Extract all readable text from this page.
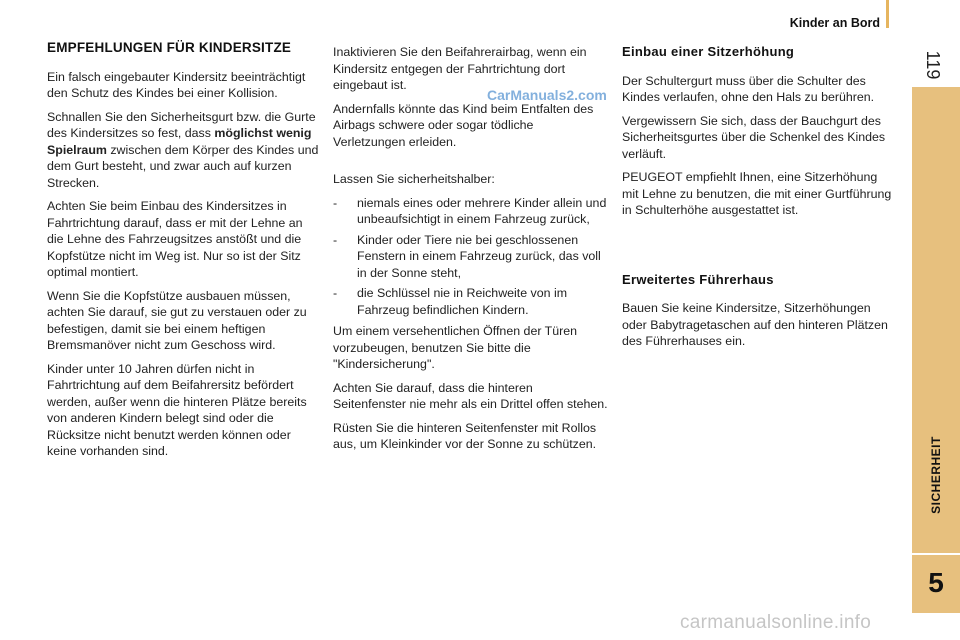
Kinder an Bord
119
SICHERHEIT
5
EMPFEHLUNGEN FÜR KINDERSITZE

Ein falsch eingebauter Kindersitz beeinträchtigt den Schutz des Kindes bei einer Kollision.

Schnallen Sie den Sicherheitsgurt bzw. die Gurte des Kindersitzes so fest, dass möglichst wenig Spielraum zwischen dem Körper des Kindes und dem Gurt besteht, und zwar auch auf kurzen Strecken.

Achten Sie beim Einbau des Kindersitzes in Fahrtrichtung darauf, dass er mit der Lehne an die Lehne des Fahrzeugsitzes anstößt und die Kopfstütze nicht im Weg ist. Nur so ist der Sitz optimal montiert.

Wenn Sie die Kopfstütze ausbauen müssen, achten Sie darauf, sie gut zu verstauen oder zu befestigen, damit sie bei einem heftigen Bremsmanöver nicht zum Geschoss wird.

Kinder unter 10 Jahren dürfen nicht in Fahrtrichtung auf dem Beifahrersitz befördert werden, außer wenn die hinteren Plätze bereits von anderen Kindern belegt sind oder die Rücksitze nicht benutzt werden können oder keine vorhanden sind.

Inaktivieren Sie den Beifahrerairbag, wenn ein Kindersitz entgegen der Fahrtrichtung dort eingebaut ist.

Andernfalls könnte das Kind beim Entfalten des Airbags schwere oder sogar tödliche Verletzungen erleiden.

Lassen Sie sicherheitshalber:

-	niemals eines oder mehrere Kinder allein und unbeaufsichtigt in einem Fahrzeug zurück,
-	Kinder oder Tiere nie bei geschlossenen Fenstern in einem Fahrzeug zurück, das voll in der Sonne steht,
-	die Schlüssel nie in Reichweite von im Fahrzeug befindlichen Kindern.

Um einem versehentlichen Öffnen der Türen vorzubeugen, benutzen Sie bitte die "Kindersicherung".

Achten Sie darauf, dass die hinteren Seitenfenster nie mehr als ein Drittel offen stehen.

Rüsten Sie die hinteren Seitenfenster mit Rollos aus, um Kleinkinder vor der Sonne zu schützen.

Einbau einer Sitzerhöhung

Der Schultergurt muss über die Schulter des Kindes verlaufen, ohne den Hals zu berühren.

Vergewissern Sie sich, dass der Bauchgurt des Sicherheitsgurtes über die Schenkel des Kindes verläuft.

PEUGEOT empfiehlt Ihnen, eine Sitzerhöhung mit Lehne zu benutzen, die mit einer Gurtführung in Schulterhöhe ausgestattet ist.

Erweitertes Führerhaus

Bauen Sie keine Kindersitze, Sitzerhöhungen oder Babytragetaschen auf den hinteren Plätzen des Führerhauses ein.

CarManuals2.com
carmanualsonline.info
